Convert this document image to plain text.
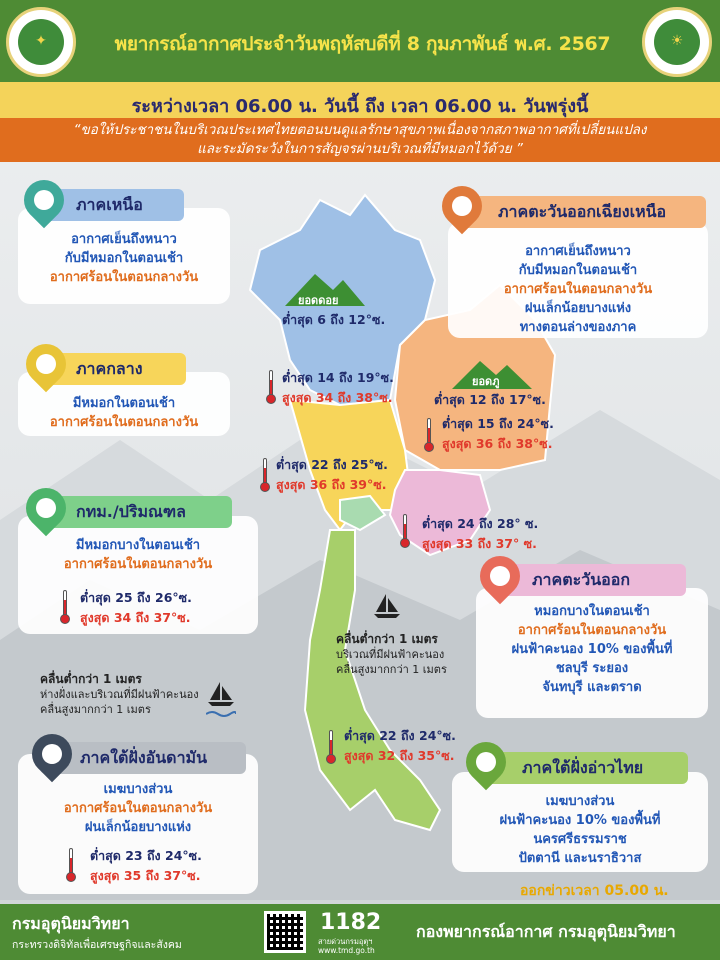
✦	พยากรณ์อากาศประจำวันพฤหัสบดีที่ 8 กุมภาพันธ์ พ.ศ. 2567	☀
ระหว่างเวลา 06.00 น. วันนี้ ถึง เวลา 06.00 น. วันพรุ่งนี้
“ขอให้ประชาชนในบริเวณประเทศไทยตอนบนดูแลรักษาสุขภาพเนื่องจากสภาพอากาศที่เปลี่ยนแปลง
และระมัดระวังในการสัญจรผ่านบริเวณที่มีหมอกไว้ด้วย ”
ยอดดอย
ต่ำสุด 6 ถึง 12°ซ.
ยอดภู
ต่ำสุด 12 ถึง 17°ซ.
ต่ำสุด 14 ถึง 19°ซ.
สูงสุด 34 ถึง 38°ซ.
ต่ำสุด 15 ถึง 24°ซ.
สูงสุด 36 ถึง 38°ซ.
ต่ำสุด 22 ถึง 25°ซ.
สูงสุด 36 ถึง 39°ซ.
ต่ำสุด 24 ถึง 28° ซ.
สูงสุด 33 ถึง 37° ซ.
ต่ำสุด 22 ถึง 24°ซ.
สูงสุด 32 ถึง 35°ซ.
คลื่นต่ำกว่า 1 เมตร
บริเวณที่มีฝนฟ้าคะนอง
คลื่นสูงมากกว่า 1 เมตร
คลื่นต่ำกว่า 1 เมตร
ห่างฝั่งและบริเวณที่มีฝนฟ้าคะนอง
คลื่นสูงมากกว่า 1 เมตร
อากาศเย็นถึงหนาว
กับมีหมอกในตอนเช้า
อากาศร้อนในตอนกลางวัน
ภาคเหนือ
อากาศเย็นถึงหนาว
กับมีหมอกในตอนเช้า
อากาศร้อนในตอนกลางวัน
ฝนเล็กน้อยบางแห่ง
ทางตอนล่างของภาค
ภาคตะวันออกเฉียงเหนือ
มีหมอกในตอนเช้า
อากาศร้อนในตอนกลางวัน
ภาคกลาง
มีหมอกบางในตอนเช้า
อากาศร้อนในตอนกลางวัน
ต่ำสุด 25 ถึง 26°ซ.
สูงสุด 34 ถึง 37°ซ.
กทม./ปริมณฑล
หมอกบางในตอนเช้า
อากาศร้อนในตอนกลางวัน
ฝนฟ้าคะนอง 10% ของพื้นที่
ชลบุรี ระยอง
จันทบุรี และตราด
ภาคตะวันออก
เมฆบางส่วน
อากาศร้อนในตอนกลางวัน
ฝนเล็กน้อยบางแห่ง
ต่ำสุด 23 ถึง 24°ซ.
สูงสุด 35 ถึง 37°ซ.
ภาคใต้ฝั่งอันดามัน
เมฆบางส่วน
ฝนฟ้าคะนอง 10% ของพื้นที่
นครศรีธรรมราช
ปัตตานี และนราธิวาส
ภาคใต้ฝั่งอ่าวไทย
ออกข่าวเวลา 05.00 น.
กรมอุตุนิยมวิทยา
กระทรวงดิจิทัลเพื่อเศรษฐกิจและสังคม
1182
สายด่วนกรมอุตุฯ
www.tmd.go.th
กองพยากรณ์อากาศ กรมอุตุนิยมวิทยา
